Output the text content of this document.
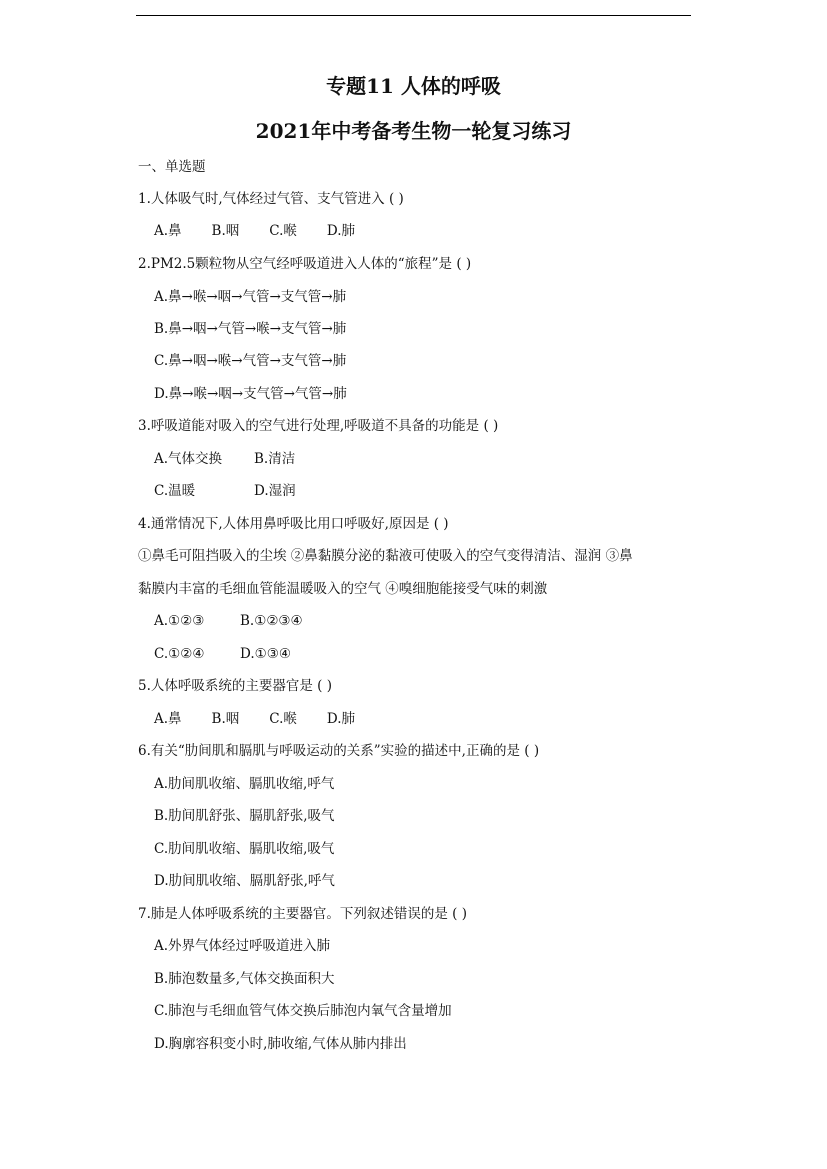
专题11 人体的呼吸
2021年中考备考生物一轮复习练习
一、单选题
1.人体吸气时,气体经过气管、支气管进入 ( )
A.鼻 B.咽 C.喉 D.肺
2.PM2.5颗粒物从空气经呼吸道进入人体的“旅程”是 ( )
A.鼻→喉→咽→气管→支气管→肺
B.鼻→咽→气管→喉→支气管→肺
C.鼻→咽→喉→气管→支气管→肺
D.鼻→喉→咽→支气管→气管→肺
3.呼吸道能对吸入的空气进行处理,呼吸道不具备的功能是 ( )
A.气体交换 B.清洁
C.温暖	D.湿润
4.通常情况下,人体用鼻呼吸比用口呼吸好,原因是 ( )
①鼻毛可阻挡吸入的尘埃 ②鼻黏膜分泌的黏液可使吸入的空气变得清洁、湿润 ③鼻
黏膜内丰富的毛细血管能温暖吸入的空气 ④嗅细胞能接受气味的刺激
A.①②③	B.①②③④
C.①②④	D.①③④
5.人体呼吸系统的主要器官是 ( )
A.鼻 B.咽 C.喉 D.肺
6.有关“肋间肌和膈肌与呼吸运动的关系”实验的描述中,正确的是 ( )
A.肋间肌收缩、膈肌收缩,呼气
B.肋间肌舒张、膈肌舒张,吸气
C.肋间肌收缩、膈肌收缩,吸气
D.肋间肌收缩、膈肌舒张,呼气
7.肺是人体呼吸系统的主要器官。下列叙述错误的是 ( )
A.外界气体经过呼吸道进入肺
B.肺泡数量多,气体交换面积大
C.肺泡与毛细血管气体交换后肺泡内氧气含量增加
D.胸廓容积变小时,肺收缩,气体从肺内排出
